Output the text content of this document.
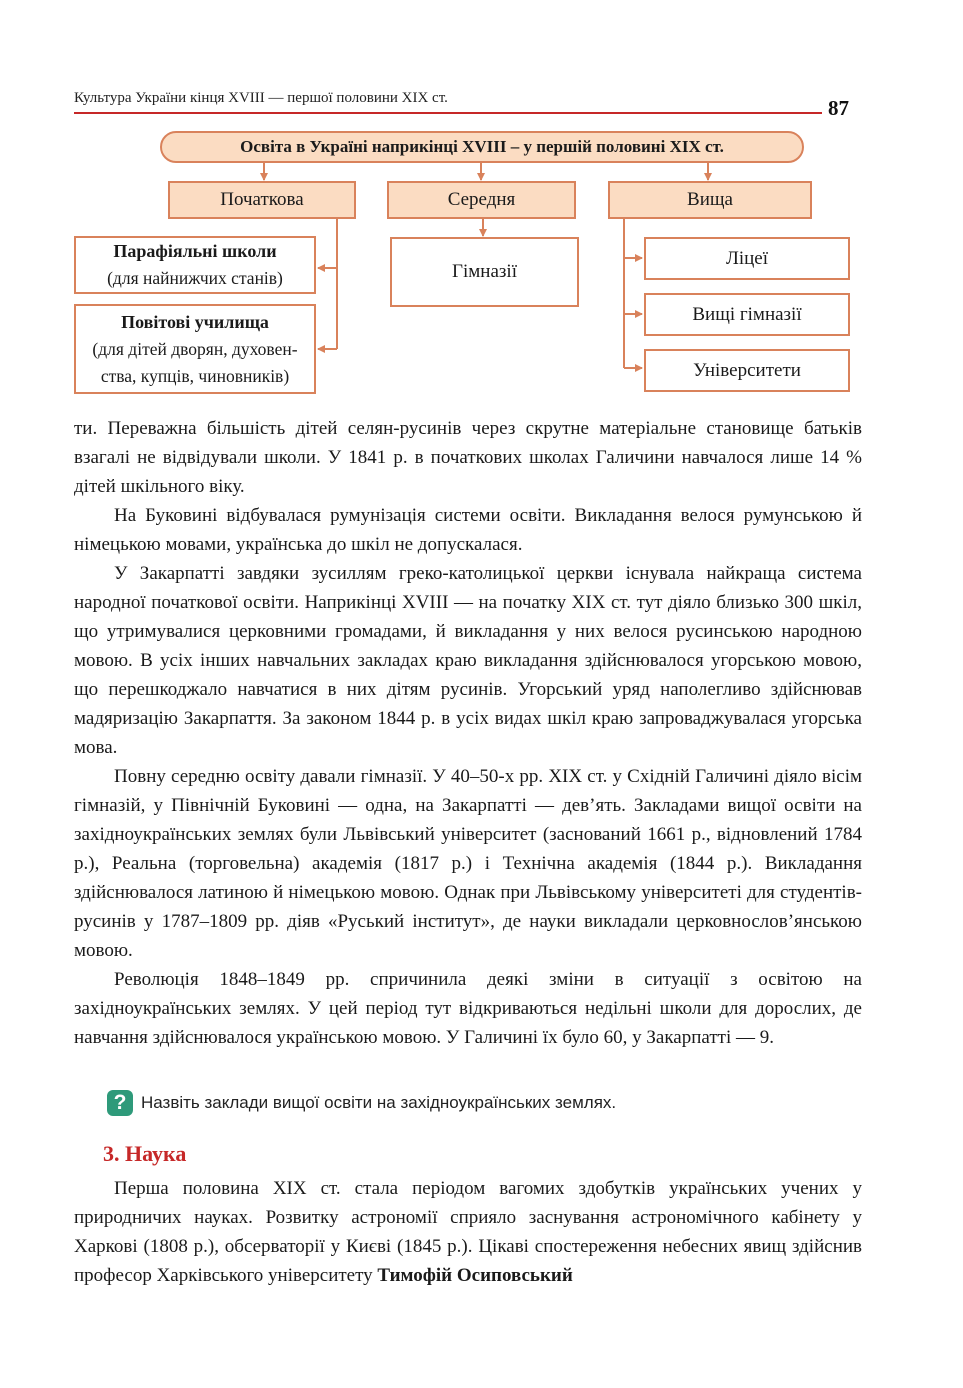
Культура України кінця XVIII — першої половини XIX ст.	87
Освіта в Україні наприкінці XVIII – у першій половині XIX ст.
Початкова	Середня	Вища
Парафіяльні школи
(для найнижчих станів)
Повітові училища
(для дітей дворян, духовен-
ства, купців, чиновників)
Гімназії
Ліцеї
Вищі гімназії
Університети

ти. Переважна більшість дітей селян-русинів через скрутне матеріальне становище батьків взагалі не відвідували школи. У 1841 р. в початкових школах Галичини навчалося лише 14 % дітей шкільного віку.

На Буковині відбувалася румунізація системи освіти. Викладання велося румунською й німецькою мовами, українська до шкіл не допускалася.

У Закарпатті завдяки зусиллям греко-католицької церкви існувала найкраща система народної початкової освіти. Наприкінці XVIII — на початку XIX ст. тут діяло близько 300 шкіл, що утримувалися церковними громадами, й викладання у них велося русинською народною мовою. В усіх інших навчальних закладах краю викладання здійснювалося угорською мовою, що перешкоджало навчатися в них дітям русинів. Угорський уряд наполегливо здійснював мадяризацію Закарпаття. За законом 1844 р. в усіх видах шкіл краю запроваджувалася угорська мова.

Повну середню освіту давали гімназії. У 40–50-х рр. XIX ст. у Східній Галичині діяло вісім гімназій, у Північній Буковині — одна, на Закарпатті — дев’ять. Закладами вищої освіти на західноукраїнських землях були Львівський університет (заснований 1661 р., відновлений 1784 р.), Реальна (торговельна) академія (1817 р.) і Технічна академія (1844 р.). Викладання здійснювалося латиною й німецькою мовою. Однак при Львівському університеті для студентів-русинів у 1787–1809 рр. діяв «Руський інститут», де науки викладали церковнослов’янською мовою.

Революція 1848–1849 рр. спричинила деякі зміни в ситуації з освітою на західноукраїнських землях. У цей період тут відкриваються недільні школи для дорослих, де навчання здійснювалося українською мовою. У Галичині їх було 60, у Закарпатті — 9.

? Назвіть заклади вищої освіти на західноукраїнських землях.
3. Наука

Перша половина XIX ст. стала періодом вагомих здобутків українських учених у природничих науках. Розвитку астрономії сприяло заснування астрономічного кабінету у Харкові (1808 р.), обсерваторії у Києві (1845 р.). Цікаві спостереження небесних явищ здійснив професор Харківського університету Тимофій Осиповський
